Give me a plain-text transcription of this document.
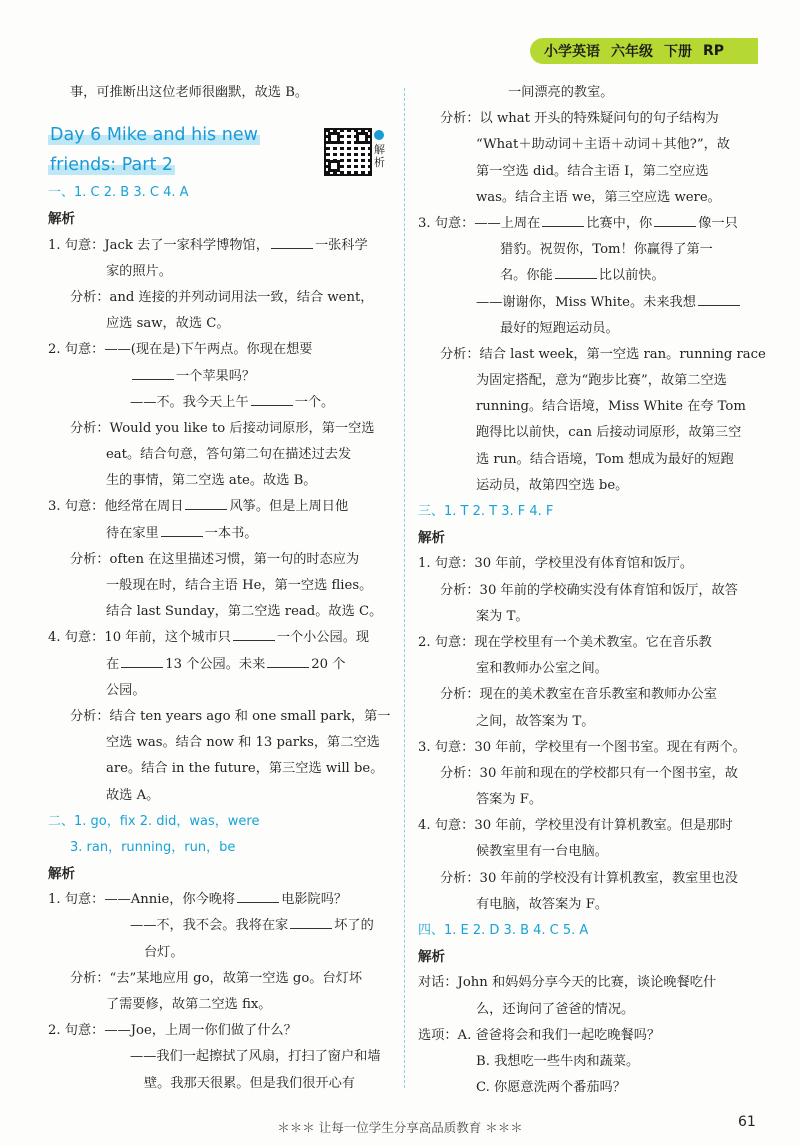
小学英语 六年级 下册 RP
事，可推断出这位老师很幽默，故选 B。
Day 6 Mike and his new
friends: Part 2
一、1. C 2. B 3. C 4. A
解析
1. 句意：Jack 去了一家科学博物馆，	一张科学
家的照片。
分析：and 连接的并列动词用法一致，结合 went，
应选 saw，故选 C。
2. 句意：——(现在是)下午两点。你现在想要
一个苹果吗？
——不。我今天上午	一个。
分析：Would you like to 后接动词原形，第一空选
eat。结合句意，答句第二句在描述过去发
生的事情，第二空选 ate。故选 B。
3. 句意：他经常在周日	风筝。但是上周日他
待在家里	一本书。
分析：often 在这里描述习惯，第一句的时态应为
一般现在时，结合主语 He，第一空选 flies。
结合 last Sunday，第二空选 read。故选 C。
4. 句意：10 年前，这个城市只	一个小公园。现
在	13 个公园。未来	20 个
公园。
分析：结合 ten years ago 和 one small park，第一
空选 was。结合 now 和 13 parks，第二空选
are。结合 in the future，第三空选 will be。
故选 A。
二、1. go，fix 2. did，was，were
3. ran，running，run，be
解析
1. 句意：——Annie，你今晚将	电影院吗？
——不，我不会。我将在家	坏了的
台灯。
分析：“去”某地应用 go，故第一空选 go。台灯坏
了需要修，故第二空选 fix。
2. 句意：——Joe，上周一你们做了什么？
——我们一起擦拭了风扇，打扫了窗户和墙
壁。我那天很累。但是我们很开心有

解析
一间漂亮的教室。
分析：以 what 开头的特殊疑问句的句子结构为
“What＋助动词＋主语＋动词＋其他?”，故
第一空选 did。结合主语 I，第二空应选
was。结合主语 we，第三空应选 were。
3. 句意：——上周在	比赛中，你	像一只
猎豹。祝贺你，Tom！你赢得了第一
名。你能	比以前快。
——谢谢你，Miss White。未来我想
最好的短跑运动员。
分析：结合 last week，第一空选 ran。running race
为固定搭配，意为“跑步比赛”，故第二空选
running。结合语境，Miss White 在夸 Tom
跑得比以前快，can 后接动词原形，故第三空
选 run。结合语境，Tom 想成为最好的短跑
运动员，故第四空选 be。
三、1. T 2. T 3. F 4. F
解析
1. 句意：30 年前，学校里没有体育馆和饭厅。
分析：30 年前的学校确实没有体育馆和饭厅，故答
案为 T。
2. 句意：现在学校里有一个美术教室。它在音乐教
室和教师办公室之间。
分析：现在的美术教室在音乐教室和教师办公室
之间，故答案为 T。
3. 句意：30 年前，学校里有一个图书室。现在有两个。
分析：30 年前和现在的学校都只有一个图书室，故
答案为 F。
4. 句意：30 年前，学校里没有计算机教室。但是那时
候教室里有一台电脑。
分析：30 年前的学校没有计算机教室，教室里也没
有电脑，故答案为 F。
四、1. E 2. D 3. B 4. C 5. A
解析
对话：John 和妈妈分享今天的比赛，谈论晚餐吃什
么，还询问了爸爸的情况。
选项：A. 爸爸将会和我们一起吃晚餐吗？
B. 我想吃一些牛肉和蔬菜。
C. 你愿意洗两个番茄吗？
＊＊＊ 让每一位学生分享高品质教育 ＊＊＊	61
